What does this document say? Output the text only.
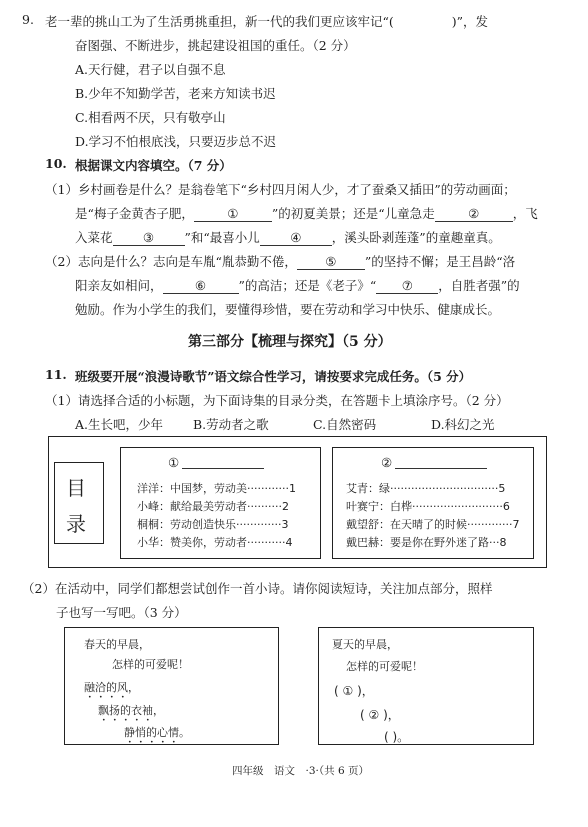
9. 老一辈的挑山工为了生活勇挑重担，新一代的我们更应该牢记“(	)”，发
奋图强、不断进步，挑起建设祖国的重任。（2 分）
A.天行健，君子以自强不息
B.少年不知勤学苦，老来方知读书迟
C.相看两不厌，只有敬亭山
D.学习不怕根底浅，只要迈步总不迟
10. 根据课文内容填空。（7 分）
（1）乡村画卷是什么？是翁卷笔下“乡村四月闲人少，才了蚕桑又插田”的劳动画面；
是“梅子金黄杏子肥，	①	”的初夏美景；还是“儿童急走	②	，飞
入菜花 ③ ”和“最喜小儿 ④ ，溪头卧剥莲蓬”的童趣童真。
（2）志向是什么？志向是车胤“胤恭勤不倦， ⑤ ”的坚持不懈；是王昌龄“洛
阳亲友如相问，	⑥	”的高洁；还是《老子》“ ⑦ ，自胜者强”的
勉励。作为小学生的我们，要懂得珍惜，要在劳动和学习中快乐、健康成长。
第三部分【梳理与探究】（5 分）
11. 班级要开展“浪漫诗歌节”语文综合性学习，请按要求完成任务。（5 分）
（1）请选择合适的小标题，为下面诗集的目录分类，在答题卡上填涂序号。（2 分）
A.生长吧，少年 B.劳动者之歌	C.自然密码	D.科幻之光
目
录
①
洋洋：中国梦，劳动美············1
小峰：献给最美劳动者··········2
桐桐：劳动创造快乐·············3
小华：赞美你，劳动者···········4
②
艾青：绿·······························5
叶赛宁：白桦··························6
戴望舒：在天晴了的时候·············7
戴巴赫：要是你在野外迷了路···8
（2）在活动中，同学们都想尝试创作一首小诗。请你阅读短诗，关注加点部分，照样
子也写一写吧。（3 分）
春天的早晨，
怎样的可爱呢！
融洽的风，
飘扬的衣袖，
静悄的心情。
夏天的早晨，
怎样的可爱呢！
( ① )，
( ② )，
( )。
四年级　语文　·3·（共 6 页）
